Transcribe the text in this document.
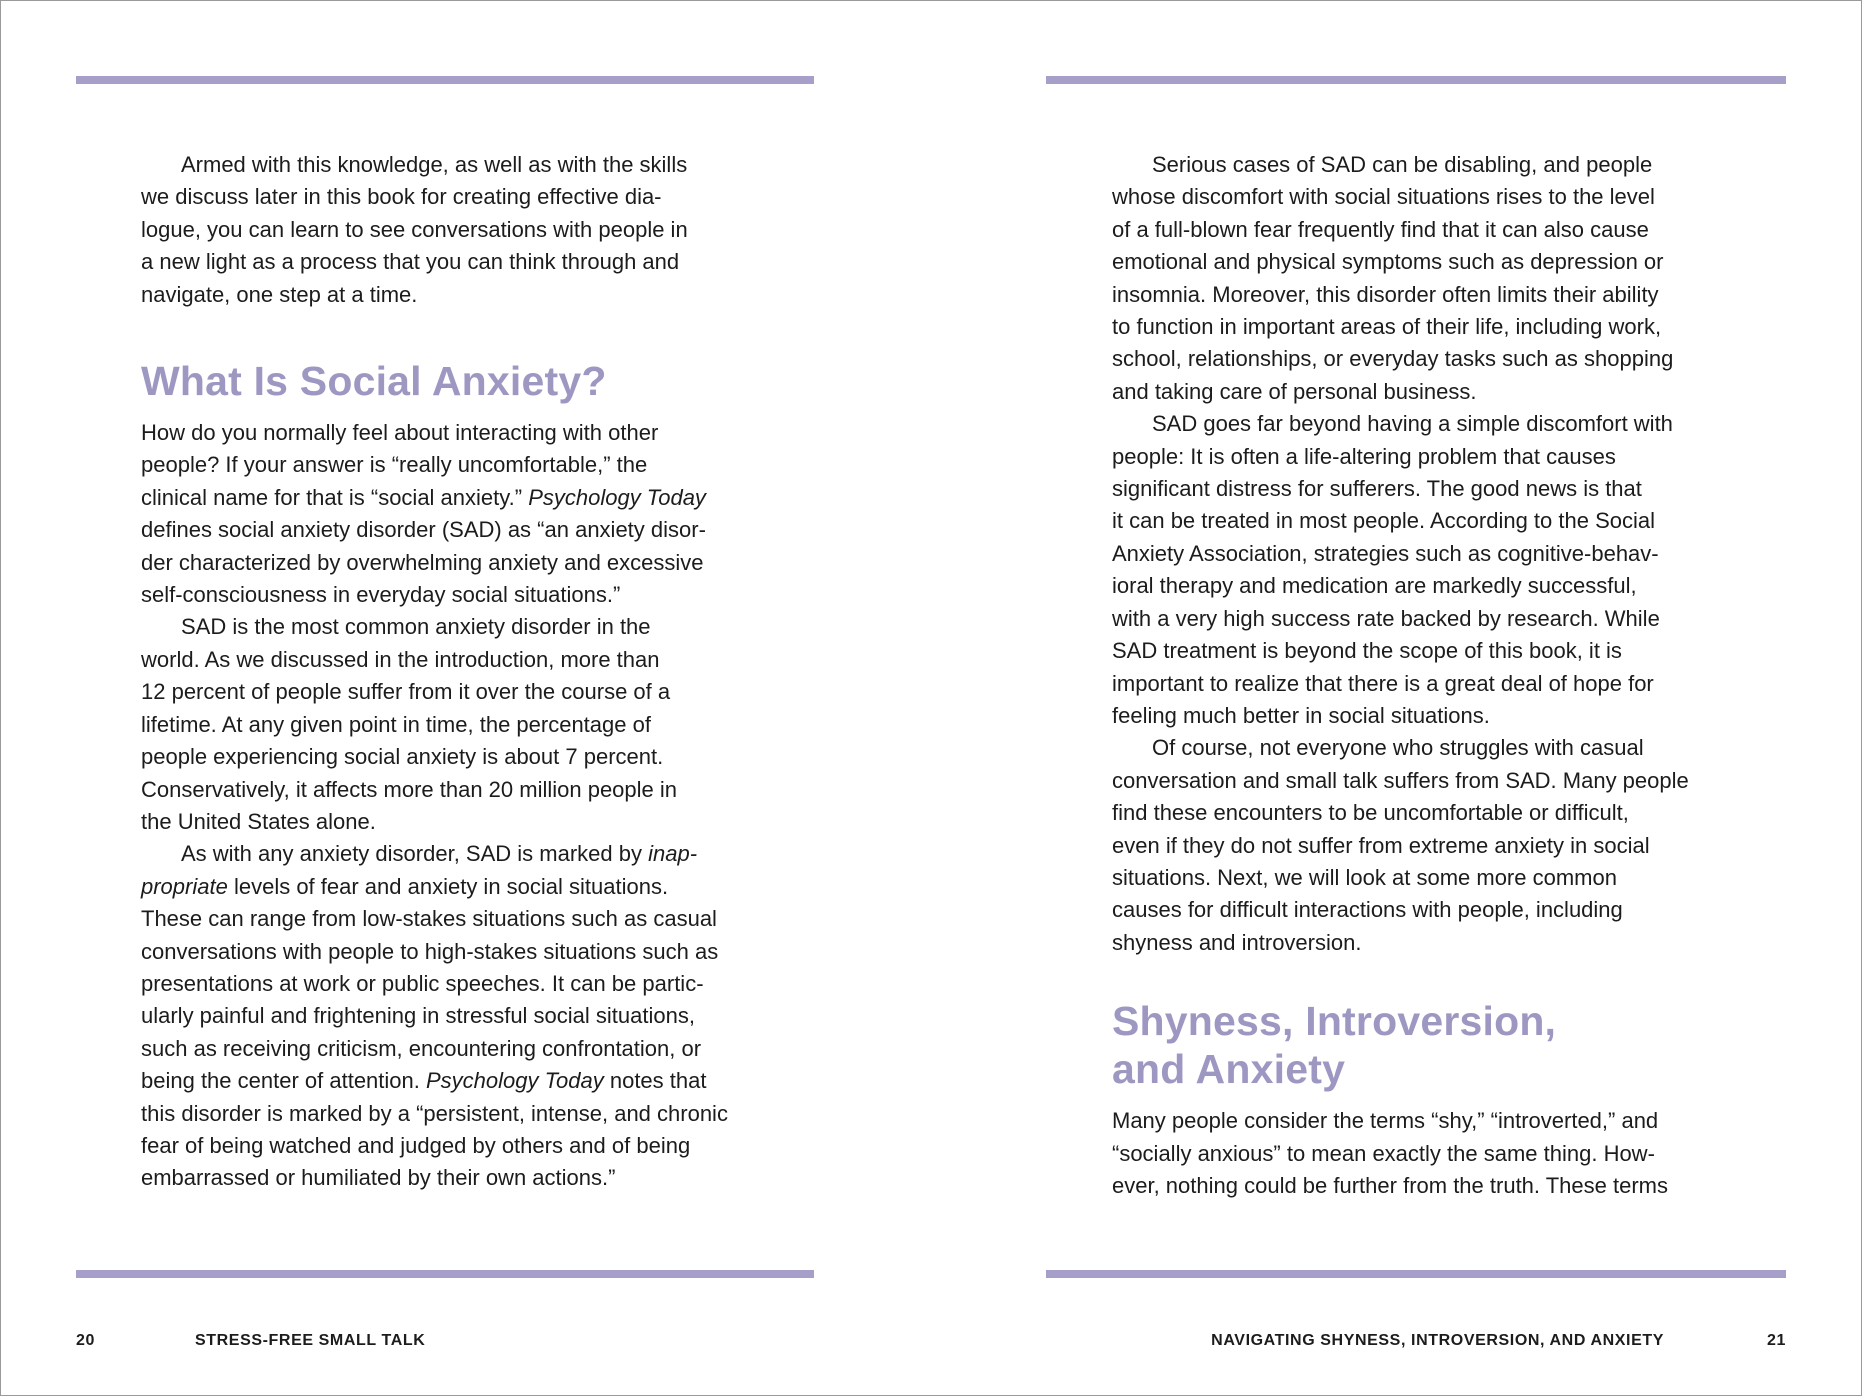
Armed with this knowledge, as well as with the skills
we discuss later in this book for creating effective dia-
logue, you can learn to see conversations with people in
a new light as a process that you can think through and
navigate, one step at a time.

What Is Social Anxiety?

How do you normally feel about interacting with other
people? If your answer is “really uncomfortable,” the
clinical name for that is “social anxiety.” Psychology Today
defines social anxiety disorder (SAD) as “an anxiety disor-
der characterized by overwhelming anxiety and excessive
self-consciousness in everyday social situations.”

SAD is the most common anxiety disorder in the
world. As we discussed in the introduction, more than
12 percent of people suffer from it over the course of a
lifetime. At any given point in time, the percentage of
people experiencing social anxiety is about 7 percent.
Conservatively, it affects more than 20 million people in
the United States alone.

As with any anxiety disorder, SAD is marked by inap-
propriate levels of fear and anxiety in social situations.
These can range from low-stakes situations such as casual
conversations with people to high-stakes situations such as
presentations at work or public speeches. It can be partic-
ularly painful and frightening in stressful social situations,
such as receiving criticism, encountering confrontation, or
being the center of attention. Psychology Today notes that
this disorder is marked by a “persistent, intense, and chronic
fear of being watched and judged by others and of being
embarrassed or humiliated by their own actions.”

20	STRESS-FREE SMALL TALK

Serious cases of SAD can be disabling, and people
whose discomfort with social situations rises to the level
of a full-blown fear frequently find that it can also cause
emotional and physical symptoms such as depression or
insomnia. Moreover, this disorder often limits their ability
to function in important areas of their life, including work,
school, relationships, or everyday tasks such as shopping
and taking care of personal business.

SAD goes far beyond having a simple discomfort with
people: It is often a life-altering problem that causes
significant distress for sufferers. The good news is that
it can be treated in most people. According to the Social
Anxiety Association, strategies such as cognitive-behav-
ioral therapy and medication are markedly successful,
with a very high success rate backed by research. While
SAD treatment is beyond the scope of this book, it is
important to realize that there is a great deal of hope for
feeling much better in social situations.

Of course, not everyone who struggles with casual
conversation and small talk suffers from SAD. Many people
find these encounters to be uncomfortable or difficult,
even if they do not suffer from extreme anxiety in social
situations. Next, we will look at some more common
causes for difficult interactions with people, including
shyness and introversion.

Shyness, Introversion,
and Anxiety

Many people consider the terms “shy,” “introverted,” and
“socially anxious” to mean exactly the same thing. How-
ever, nothing could be further from the truth. These terms

NAVIGATING SHYNESS, INTROVERSION, AND ANXIETY	21
